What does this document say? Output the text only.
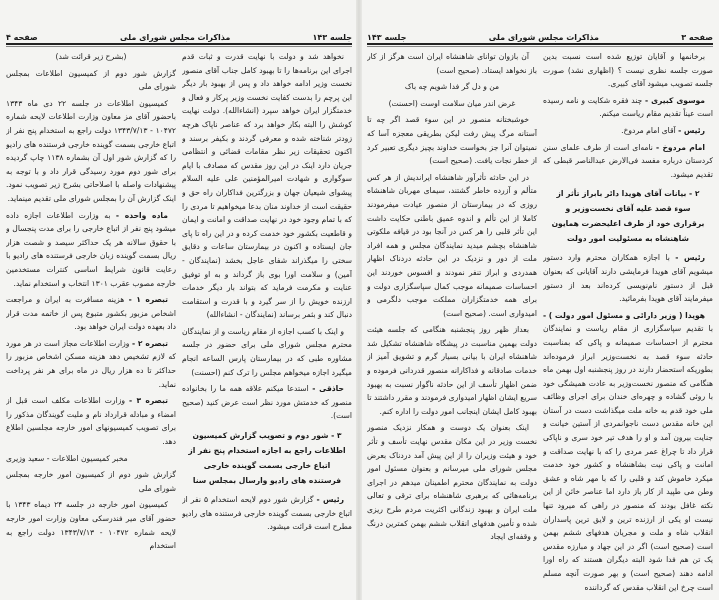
صفحه ۴	مذاکرات مجلس شورای ملی	جلسه ۱۴۳

(بشرح زیر قرائت شد)

گزارش شور دوم از کمیسیون اطلاعات بمجلس شورای ملی

کمیسیون اطلاعات در جلسه ۲۲ دی ماه ۱۳۴۳ باحضور آقای مز معاون وزارت اطلاعات لایحه شماره ۱۰۴۷۲ - ۱۳۴۳/۷/۱۳ دولت راجع به استخدام پنج نفر از اتباع خارجی بسمت گوینده خارجی فرستنده های رادیو را که گزارش شور اول آن بشماره ۱۱۳۸ چاپ گردیده برای شور دوم مورد رسیدگی قرار داد و با توجه به پیشنهادات واصله با اصلاحاتی بشرح زیر تصویب نمود. اینک گزارش آن را بمجلس شورای ملی تقدیم مینماید.

ماده واحده - به وزارت اطلاعات اجازه داده میشود پنج نفر از اتباع خارجی را برای مدت پنجسال و با حقوق سالانه هر یک حداکثر سیصد و شصت هزار ریال بسمت گوینده زبان خارجی فرستنده های رادیو با رعایت قانون شرایط اساسی کنترات مستخدمین خارجه مصوب عقرب ۱۳۰۱ انتخاب و استخدام نماید.

تبصره ۱ - هزینه مسافرت به ایران و مراجعت اشخاص مزبور بکشور متبوع پس از خاتمه مدت قرار داد بعهده دولت ایران خواهد بود.

تبصره ۲ - وزارت اطلاعات مجاز است در هر مورد که لازم تشخیص دهد هزینه مسکن اشخاص مزبور را حداکثر تا ده هزار ریال در ماه برای هر نفر پرداخت نماید.

تبصره ۳ - وزارت اطلاعات مکلف است قبل از امضاء و مبادله قرارداد نام و ملیت گویندگان مذکور را برای تصویب کمیسیونهای امور خارجه مجلسین اطلاع دهد.

مخبر کمیسیون اطلاعات - سعید وزیری

گزارش شور دوم از کمیسیون امور خارجه بمجلس شورای ملی

کمیسیون امور خارجه در جلسه ۲۴ دیماه ۱۳۴۳ با حضور آقای میر فندرسکی معاون وزارت امور خارجه لایحه شماره ۱۰۴۷۲ - ۱۳۴۳/۷/۱۳ دولت راجع به استخدام

نخواهد شد و دولت با نهایت قدرت و ثبات قدم اجرای این برنامه‌ها را تا بهبود کامل جناب آقای منصور نخست وزیر ادامه خواهد داد و پس از بهبود بار دیگر این پرچم را بدست کفایت نخست وزیر پرکار و فعال و خدمتگزار ایران خواهد سپرد (انشاءالله). دولت نهایت کوشش را البته بکار خواهد برد که عناصر ناپاک هرچه زودتر شناخته شده و معرفی گردند و بکیفر برسند و اکنون تحقیقات زیر نظر مقامات قضائی و انتظامی جریان دارد اینک در این روز مقدس که مصادف با ایام سوگواری و شهادت امیرالمؤمنین علی علیه السلام پیشوای شیعیان جهان و بزرگترین فداکاران راه حق و حقیقت است از خداوند منان بدعا میخواهیم تا مردی را که با تمام وجود خود در نهایت صداقت و امانت و ایمان و قاطعیت بکشور خود خدمت کرده و در این راه تا پای جان ایستاده و اکنون در بیمارستان ساعات و دقایق سختی را میگذراند شفای عاجل بخشد (نمایندگان - آمین) و سلامت اورا بوی باز گرداند و به او توفیق عنایت و مکرمت فرماید که بتواند بار دیگر خدمات ارزنده خویش را از سر گیرد و با قدرت و استقامت دنبال کند و بثمر برساند (نمایندگان - انشاءالله)

و اینک با کسب اجازه از مقام ریاست و از نمایندگان محترم مجلس شورای ملی برای حضور در جلسه مشاوره طبی که در بیمارستان پارس الساعه انجام میگیرد اجازه میخواهم مجلس را ترک کنم (احسنت)

حاذقی - استدعا میکنم علاقه همه ما را بخانواده منصور که خدمتش مورد نظر است عرض کنید (صحیح است).

۳ - شور دوم و تصویب گزارش کمیسیون اطلاعات راجع به اجازه استخدام پنج نفر از اتباع خارجی بسمت گوینده خارجی فرستنده های رادیو وارسال بمجلس سنا

رئیس - گزارش شور دوم لایحه استخدام ۵ نفر از اتباع خارجی بسمت گوینده خارجی فرستنده های رادیو مطرح است قرائت میشود.

جلسه ۱۴۳	مذاکرات مجلس شورای ملی	صفحه ۳

آن بازوان توانای شاهنشاه ایران است هرگز از کار باز نخواهد ایستاد. (صحیح است)

من و دل گر فدا شویم چه باک

غرض اندر میان سلامت اوست (احسنت)

خوشبختانه منصور در این سوء قصد اگر چه تا آستانه مرگ پیش رفت لیکن بطریقی معجزه آسا که نمیتوان آنرا جز بخواست خداوند بچیز دیگری تعبیر کرد از خطر نجات یافت. (صحیح است)

در این حادثه تأثرآور شاهنشاه ایراندیش از هر کس متألم و آزرده خاطر گشتند، سیمای مهربان شاهنشاه روزی که در بیمارستان از منصور عیادت میفرمودند کاملا از این تألم و اندوه عمیق باطنی حکایت داشت این تأثر قلبی را هر کس در آنجا بود در قیافه ملکوتی شاهنشاه بچشم میدید نمایندگان مجلس و همه افراد ملت از دور و نزدیک در این حادثه دردناک اظهار همدردی و ابراز تنفر نمودند و افسوس خوردند این احساسات صمیمانه موجب کمال سپاسگزاری دولت و برای همه خدمتگزاران مملکت موجب دلگرمی و امیدواری است. (صحیح است)

بعداز ظهر روز پنجشنبه هنگامی که جلسه هیئت دولت بهمین مناسبت در پیشگاه شاهنشاه تشکیل شد شاهنشاه ایران با بیانی بسیار گرم و تشویق آمیز از خدمات صادقانه و فداکارانه منصور قدردانی فرموده و ضمن اظهار تأسف از این حادثه ناگوار نسبت به بهبود سریع ایشان اظهار امیدواری فرمودند و مقرر داشتند تا بهبود کامل ایشان اینجانب امور دولت را اداره کنم.

اینک بعنوان یک دوست و همکار نزدیک منصور نخست وزیر در این مکان مقدس نهایت تأسف و تأثر خود و هیئت وزیران را از این پیش آمد دردناک بعرض مجلس شورای ملی میرسانم و بعنوان مسئول امور دولت به نمایندگان محترم اطمینان میدهم در اجرای برنامه‌هائی که برهبری شاهنشاه برای ترقی و تعالی ملت ایران و بهبود زندگانی اکثریت مردم طرح ریزی شده و تأمین هدفهای انقلاب ششم بهمن کمترین درنگ و وقفه‌ای ایجاد

برخانمها و آقایان توزیع شده است نسبت بدین صورت جلسه نظری نیست ؟ (اظهاری نشد) صورت جلسه تصویب میشود آقای کبیری.

موسوی کبیری - چند فقره شکایت و نامه رسیده است عیناً تقدیم مقام ریاست میکنم.

رئیس - آقای امام مردوخ.

امام مردوخ - نامه‌ای است از طرف علمای سنن کردستان درباره مفسد فی‌الارض عبدالناصر قبطی که تقدیم میشود.

۲ - بیانات آقای هویدا دائر بابراز تأثر از سوء قصد علیه آقای نخست‌وزیر و برقراری خود از طرف اعلیحضرت همایون شاهنشاه به مسئولیت امور دولت

رئیس - با اجازه همکاران محترم وارد دستور میشویم آقای هویدا فرمایشی دارند آقایانی که بعنوان قبل از دستور نام‌نویسی کرده‌اند بعد از دستور میفرمایند آقای هویدا بفرمائید.

هویدا ( وزیر دارائی و مسئول امور دولت ) - با تقدیم سپاسگزاری از مقام ریاست و نمایندگان محترم از احساسات صمیمانه و پاکی که بمناسبت حادثه سوء قصد به نخست‌وزیر ابراز فرموده‌اند بطوریکه استحضار دارند در روز پنجشنبه اول بهمن ماه هنگامی که منصور نخست‌وزیر به عادت همیشگی خود با روئی گشاده و چهره‌ای خندان برای اجرای وظائف ملی خود قدم به خانه ملت میگذاشت دست در آستان این خانه مقدس دست ناجوانمردی از آستین خیانت و جنایت بیرون آمد و او را هدف تیر خود سری و ناپاکی قرار داد تا چراغ عمر مردی را که با نهایت صداقت و امانت و پاکی نیت بشاهنشاه و کشور خود خدمت میکرد خاموش کند و قلبی را که با مهر شاه و عشق وطن می طپید از کار باز دارد اما عناصر خائن از این نکته غافل بودند که منصور در راهی که میرود تنها نیست او یکی از ارزنده ترین و لایق ترین پاسداران انقلاب شاه و ملت و مجریان هدفهای ششم بهمن است (صحیح است) اگر در این جهاد و مبارزه مقدس یک تن هم فدا شود البته دیگران هستند که راه اورا ادامه دهند (صحیح است) و بهر صورت آنچه مسلم است چرخ این انقلاب مقدس که گرداننده
